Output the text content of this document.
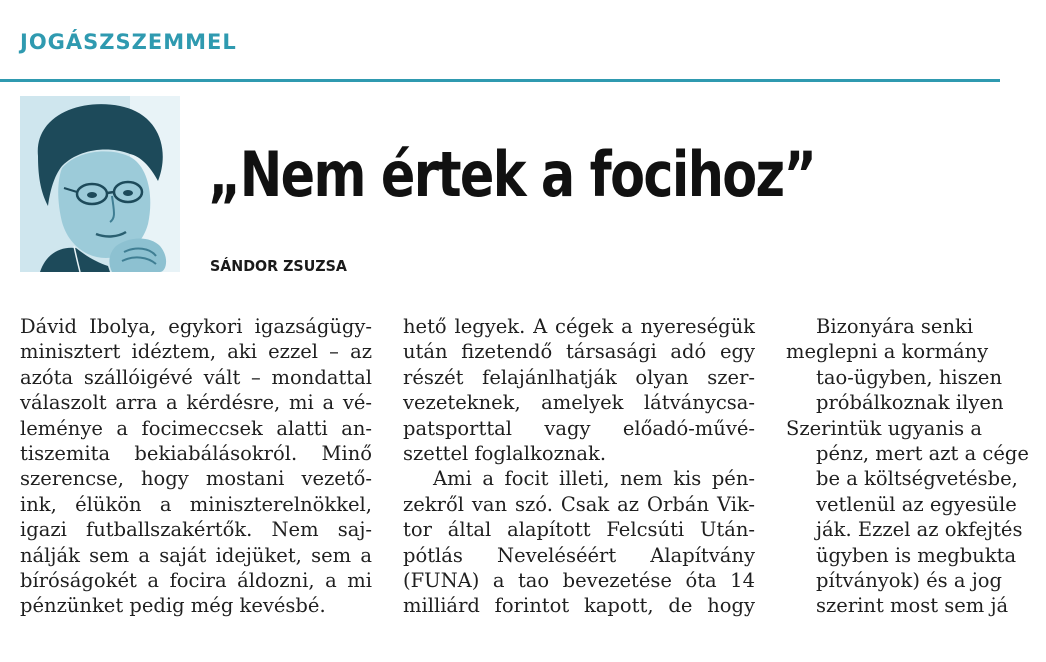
JOGÁSZSZEMMEL
„Nem értek a focihoz”
SÁNDOR ZSUZSA
Dávid Ibolya, egykori igazságügy-
minisztert idéztem, aki ezzel – az
azóta szállóigévé vált – mondattal
válaszolt arra a kérdésre, mi a vé-
leménye a focimeccsek alatti an-
tiszemita bekiabálásokról. Minő
szerencse, hogy mostani vezető-
ink, élükön a miniszterelnökkel,
igazi futballszakértők. Nem saj-
nálják sem a saját idejüket, sem a
bíróságokét a focira áldozni, a mi
pénzünket pedig még kevésbé.
hető legyek. A cégek a nyereségük
után fizetendő társasági adó egy
részét felajánlhatják olyan szer-
vezeteknek, amelyek látványcsa-
patsporttal vagy előadó-művé-
szettel foglalkoznak.
Ami a focit illeti, nem kis pén-
zekről van szó. Csak az Orbán Vik-
tor által alapított Felcsúti Után-
pótlás Neveléséért Alapítvány
(FUNA) a tao bevezetése óta 14
milliárd forintot kapott, de hogy
Bizonyára senki
meglepni a kormány
tao-ügyben, hiszen
próbálkoznak ilyen
Szerintük ugyanis a
pénz, mert azt a cége
be a költségvetésbe,
vetlenül az egyesüle
ják. Ezzel az okfejtés
ügyben is megbukta
pítványok) és a jog
szerint most sem já
